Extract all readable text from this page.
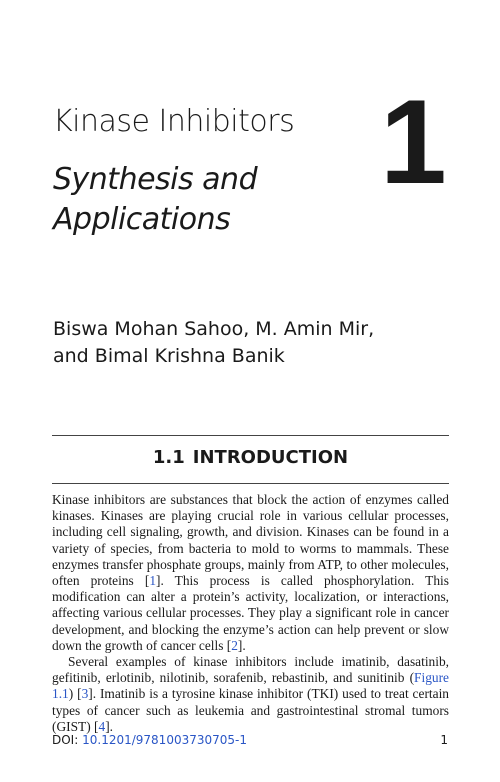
Kinase Inhibitors
Synthesis and Applications
1
Biswa Mohan Sahoo, M. Amin Mir,
and Bimal Krishna Banik
1.1 INTRODUCTION

Kinase inhibitors are substances that block the action of enzymes called kinases. Kinases are playing crucial role in various cellular processes, including cell signaling, growth, and division. Kinases can be found in a variety of species, from bacteria to mold to worms to mammals. These enzymes transfer phosphate groups, mainly from ATP, to other molecules, often proteins [1]. This process is called phosphorylation. This modification can alter a protein’s activity, localization, or interactions, affecting various cellular processes. They play a significant role in cancer development, and blocking the enzyme’s action can help prevent or slow down the growth of cancer cells [2].

Several examples of kinase inhibitors include imatinib, dasatinib, gefitinib, erlotinib, nilotinib, sorafenib, rebastinib, and sunitinib (Figure 1.1) [3]. Imatinib is a tyrosine kinase inhibitor (TKI) used to treat certain types of cancer such as leukemia and gastrointestinal stromal tumors (GIST) [4].

DOI: 10.1201/9781003730705-1	1
